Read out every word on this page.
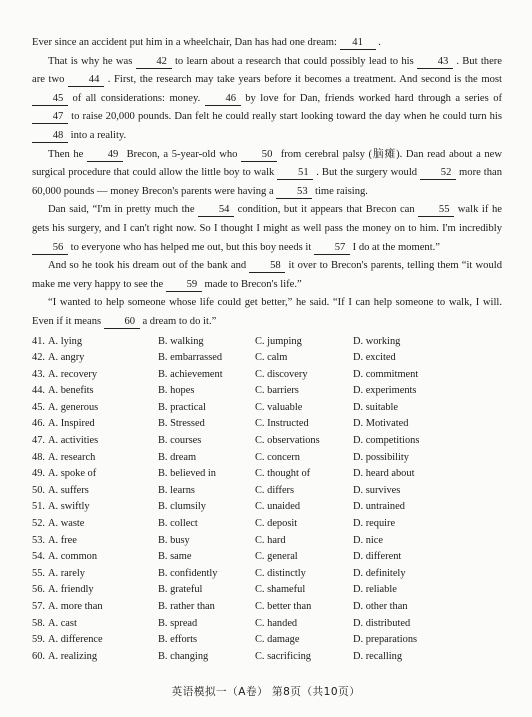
Ever since an accident put him in a wheelchair, Dan has had one dream: 41 .

That is why he was 42 to learn about a research that could possibly lead to his 43 . But there are two 44 . First, the research may take years before it becomes a treatment. And second is the most 45 of all considerations: money. 46 by love for Dan, friends worked hard through a series of 47 to raise 20,000 pounds. Dan felt he could really start looking toward the day when he could turn his 48 into a reality.

Then he 49 Brecon, a 5-year-old who 50 from cerebral palsy (脑瘫). Dan read about a new surgical procedure that could allow the little boy to walk 51 . But the surgery would 52 more than 60,000 pounds — money Brecon's parents were having a 53 time raising.

Dan said, “I'm in pretty much the 54 condition, but it appears that Brecon can 55 walk if he gets his surgery, and I can't right now. So I thought I might as well pass the money on to him. I'm incredibly 56 to everyone who has helped me out, but this boy needs it 57 I do at the moment.”

And so he took his dream out of the bank and 58 it over to Brecon's parents, telling them “it would make me very happy to see the 59 made to Brecon's life.”

“I wanted to help someone whose life could get better,” he said. “If I can help someone to walk, I will. Even if it means 60 a dream to do it.”

41. A. lying	B. walking	C. jumping	D. working
42. A. angry	B. embarrassed	C. calm	D. excited
43. A. recovery	B. achievement	C. discovery	D. commitment
44. A. benefits	B. hopes	C. barriers	D. experiments
45. A. generous	B. practical	C. valuable	D. suitable
46. A. Inspired	B. Stressed	C. Instructed	D. Motivated
47. A. activities	B. courses	C. observations	D. competitions
48. A. research	B. dream	C. concern	D. possibility
49. A. spoke of	B. believed in	C. thought of	D. heard about
50. A. suffers	B. learns	C. differs	D. survives
51. A. swiftly	B. clumsily	C. unaided	D. untrained
52. A. waste	B. collect	C. deposit	D. require
53. A. free	B. busy	C. hard	D. nice
54. A. common	B. same	C. general	D. different
55. A. rarely	B. confidently	C. distinctly	D. definitely
56. A. friendly	B. grateful	C. shameful	D. reliable
57. A. more than	B. rather than	C. better than	D. other than
58. A. cast	B. spread	C. handed	D. distributed
59. A. difference	B. efforts	C. damage	D. preparations
60. A. realizing	B. changing	C. sacrificing	D. recalling
英语模拟一（A卷） 第8页（共10页）
